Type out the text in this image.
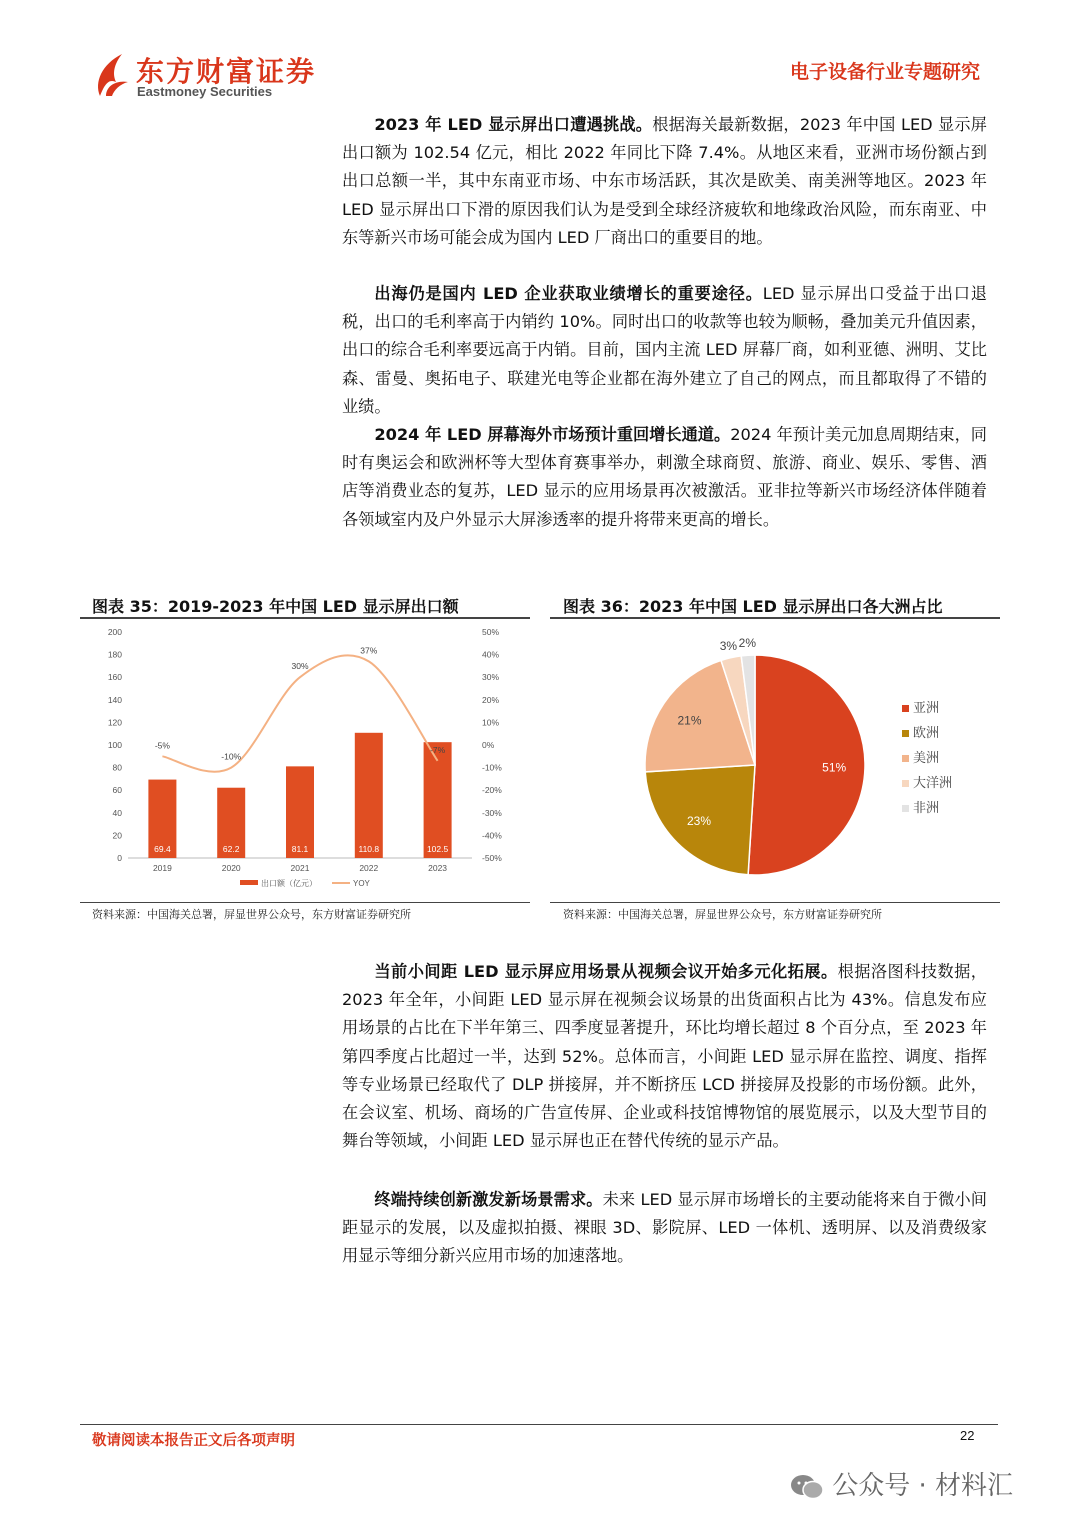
东方财富证券
Eastmoney Securities
电子设备行业专题研究

2023 年 LED 显示屏出口遭遇挑战。根据海关最新数据，2023 年中国 LED 显示屏出口额为 102.54 亿元，相比 2022 年同比下降 7.4%。从地区来看，亚洲市场份额占到出口总额一半，其中东南亚市场、中东市场活跃，其次是欧美、南美洲等地区。2023 年 LED 显示屏出口下滑的原因我们认为是受到全球经济疲软和地缘政治风险，而东南亚、中东等新兴市场可能会成为国内 LED 厂商出口的重要目的地。

出海仍是国内 LED 企业获取业绩增长的重要途径。LED 显示屏出口受益于出口退税，出口的毛利率高于内销约 10%。同时出口的收款等也较为顺畅，叠加美元升值因素，出口的综合毛利率要远高于内销。目前，国内主流 LED 屏幕厂商，如利亚德、洲明、艾比森、雷曼、奥拓电子、联建光电等企业都在海外建立了自己的网点，而且都取得了不错的业绩。

2024 年 LED 屏幕海外市场预计重回增长通道。2024 年预计美元加息周期结束，同时有奥运会和欧洲杯等大型体育赛事举办，刺激全球商贸、旅游、商业、娱乐、零售、酒店等消费业态的复苏，LED 显示的应用场景再次被激活。亚非拉等新兴市场经济体伴随着各领域室内及户外显示大屏渗透率的提升将带来更高的增长。

图表 35：2019-2023 年中国 LED 显示屏出口额
0
20
40
60
80
100
120
140
160
180
200
-50%
-40%
-30%
-20%
-10%
0%
10%
20%
30%
40%
50%
69.4
2019
62.2
2020
81.1
2021
110.8
2022
102.5
2023
-5%
-10%
30%
37%
-7%
出口额（亿元）	YOY
资料来源：中国海关总署，屏显世界公众号，东方财富证券研究所
图表 36：2023 年中国 LED 显示屏出口各大洲占比
51%
23%
21%
3% 2%
亚洲
欧洲
美洲
大洋洲
非洲
资料来源：中国海关总署，屏显世界公众号，东方财富证券研究所

当前小间距 LED 显示屏应用场景从视频会议开始多元化拓展。根据洛图科技数据，2023 年全年，小间距 LED 显示屏在视频会议场景的出货面积占比为 43%。信息发布应用场景的占比在下半年第三、四季度显著提升，环比均增长超过 8 个百分点，至 2023 年第四季度占比超过一半，达到 52%。总体而言，小间距 LED 显示屏在监控、调度、指挥等专业场景已经取代了 DLP 拼接屏，并不断挤压 LCD 拼接屏及投影的市场份额。此外，在会议室、机场、商场的广告宣传屏、企业或科技馆博物馆的展览展示，以及大型节目的舞台等领域，小间距 LED 显示屏也正在替代传统的显示产品。

终端持续创新激发新场景需求。未来 LED 显示屏市场增长的主要动能将来自于微小间距显示的发展，以及虚拟拍摄、裸眼 3D、影院屏、LED 一体机、透明屏、以及消费级家用显示等细分新兴应用市场的加速落地。

敬请阅读本报告正文后各项声明	22
公众号 · 材料汇
